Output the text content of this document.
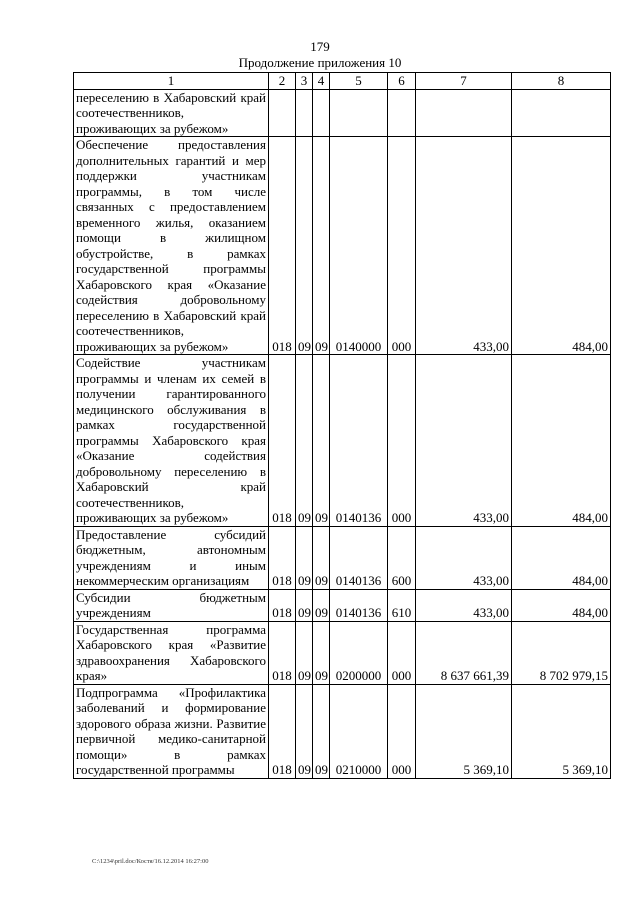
179
Продолжение приложения 10
1	2	3	4	5	6	7	8

переселению в Хабаровский край соотечественников, проживающих за рубежом»							

Обеспечение предоставления дополнительных гарантий и мер поддержки участникам программы, в том числе связанных с предоставлением временного жилья, оказанием помощи в жилищном обустройстве, в рамках государственной программы Хабаровского края «Оказание содействия добровольному переселению в Хабаровский край соотечественников, проживающих за рубежом»	018	09	09	0140000	000	433,00	484,00

Содействие участникам программы и членам их семей в получении гарантированного медицинского обслуживания в рамках государственной программы Хабаровского края «Оказание содействия добровольному переселению в Хабаровский край соотечественников, проживающих за рубежом»	018	09	09	0140136	000	433,00	484,00

Предоставление субсидий бюджетным, автономным учреждениям и иным некоммерческим организациям	018	09	09	0140136	600	433,00	484,00

Субсидии бюджетным учреждениям	018	09	09	0140136	610	433,00	484,00

Государственная программа Хабаровского края «Развитие здравоохранения Хабаровского края»	018	09	09	0200000	000	8 637 661,39	8 702 979,15

Подпрограмма «Профилактика заболеваний и формирование здорового образа жизни. Развитие первичной медико-санитарной помощи» в рамках государственной программы	018	09	09	0210000	000	5 369,10	5 369,10
C:\1234\pril.doc/Костя/16.12.2014 16:27:00
